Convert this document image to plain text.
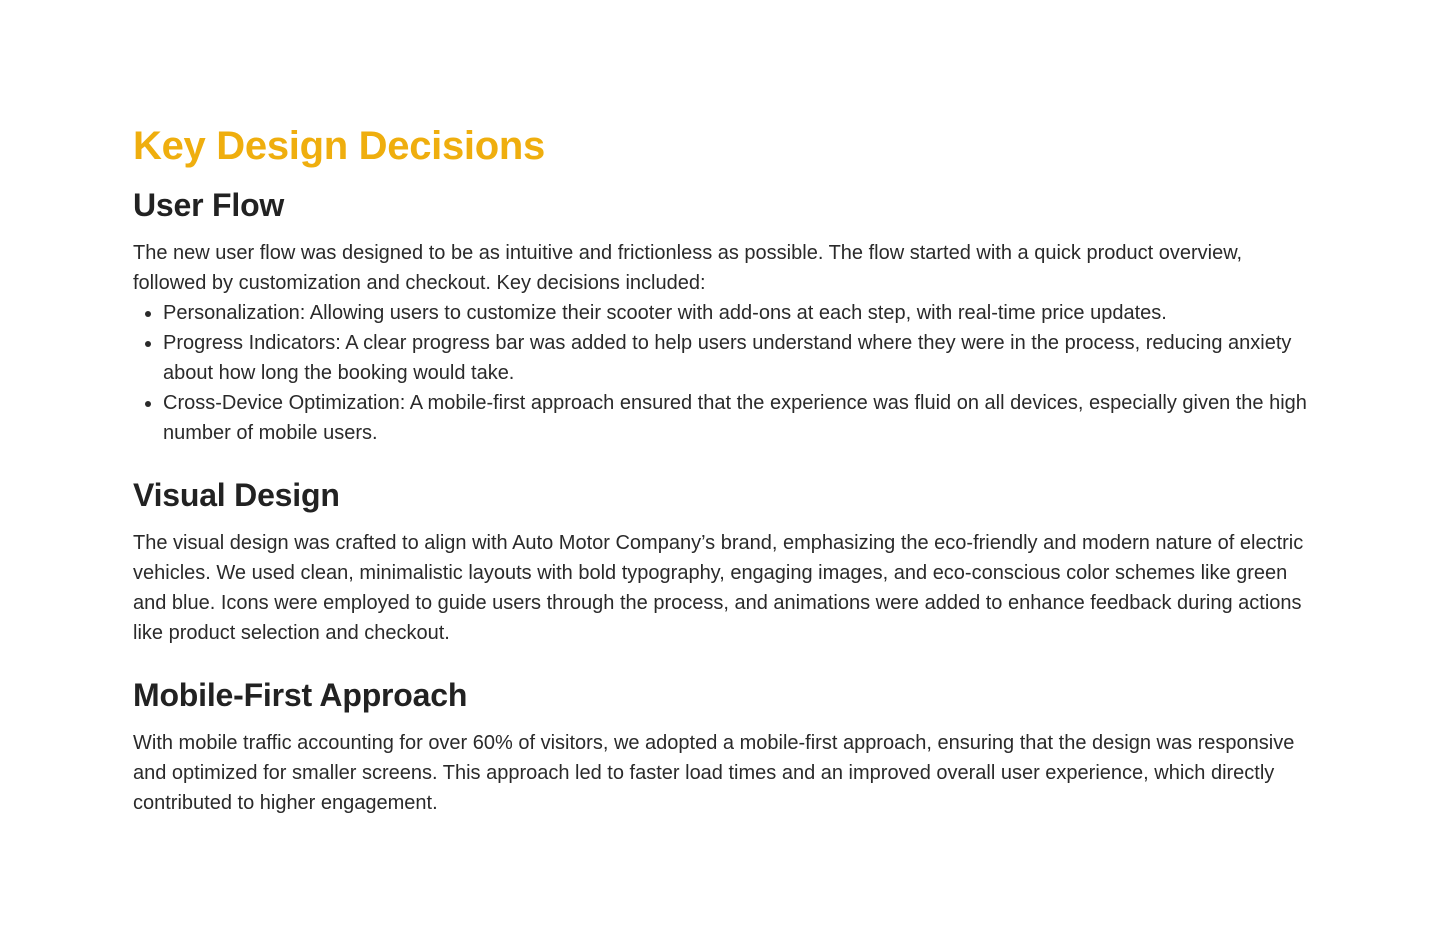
Key Design Decisions
User Flow

The new user flow was designed to be as intuitive and frictionless as possible. The flow started with a quick product overview, followed by customization and checkout. Key decisions included:

• Personalization: Allowing users to customize their scooter with add-ons at each step, with real-time price updates.
• Progress Indicators: A clear progress bar was added to help users understand where they were in the process, reducing anxiety about how long the booking would take.
• Cross-Device Optimization: A mobile-first approach ensured that the experience was fluid on all devices, especially given the high number of mobile users.
Visual Design

The visual design was crafted to align with Auto Motor Company’s brand, emphasizing the eco-friendly and modern nature of electric vehicles. We used clean, minimalistic layouts with bold typography, engaging images, and eco-conscious color schemes like green and blue. Icons were employed to guide users through the process, and animations were added to enhance feedback during actions like product selection and checkout.

Mobile-First Approach

With mobile traffic accounting for over 60% of visitors, we adopted a mobile-first approach, ensuring that the design was responsive and optimized for smaller screens. This approach led to faster load times and an improved overall user experience, which directly contributed to higher engagement.
